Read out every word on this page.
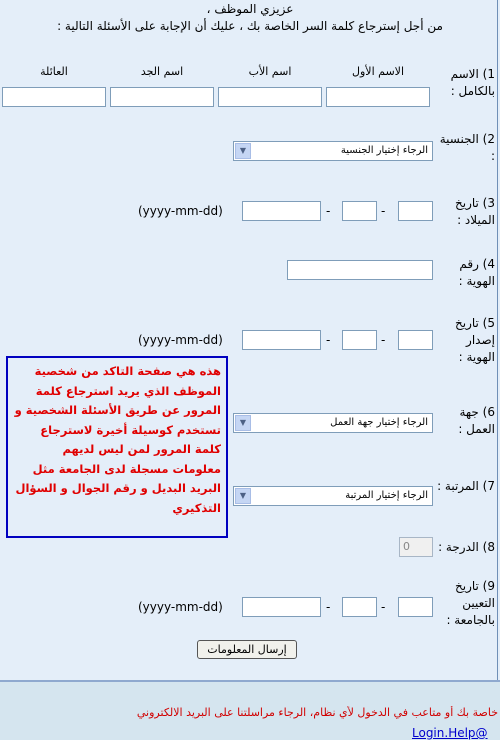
عزيزي الموظف ،
من أجل إسترجاع كلمة السر الخاصة بك ، عليك أن الإجابة على الأسئلة التالية :
1) الاسم بالكامل :
الاسم الأول
اسم الأب
اسم الجد
العائلة
2) الجنسية :
الرجاء إختيار الجنسية
▼
3) تاريخ الميلاد :
-
-
(yyyy-mm-dd)
4) رقم الهوية :
5) تاريخ إصدار الهوية :
-
-
(yyyy-mm-dd)
6) جهة العمل :
الرجاء إختيار جهة العمل
▼
7) المرتبة :
الرجاء إختيار المرتبة
▼
8) الدرجة :
0
9) تاريخ التعيين بالجامعة :
-
-
(yyyy-mm-dd)
هذه هي صفحة التاكد من شخصية الموظف الذي يريد استرجاع كلمة المرور عن طريق الأسئلة الشخصية و تستخدم كوسيلة أخيرة لاسترجاع كلمة المرور لمن ليس لديهم معلومات مسجلة لدى الجامعة مثل البريد البديل و رقم الجوال و السؤال التذكيري
إرسال المعلومات
خاصة بك أو متاعب في الدخول لأي نظام، الرجاء مراسلتنا على البريد الالكتروني
Login.Help@
